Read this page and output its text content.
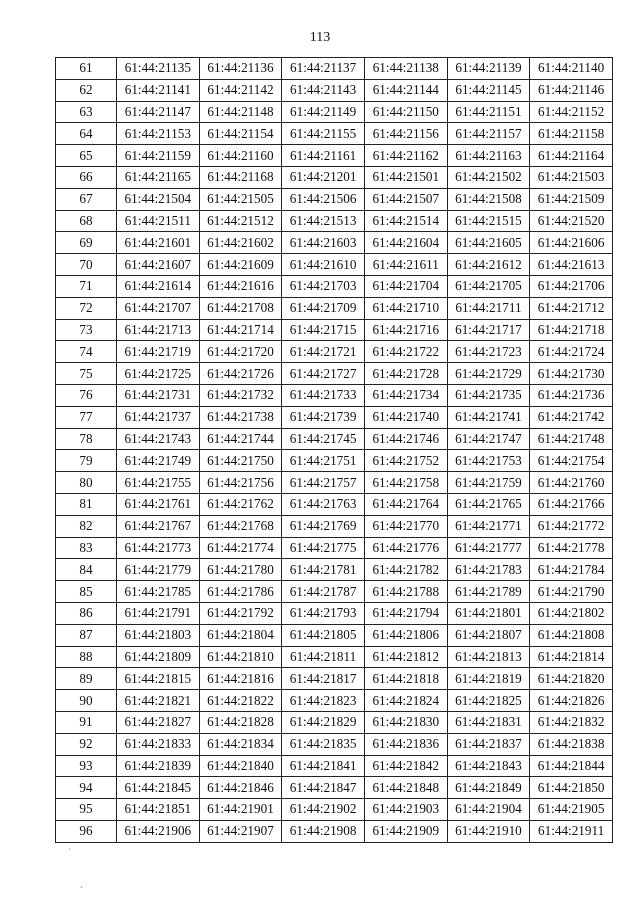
113
61	61:44:21135	61:44:21136	61:44:21137	61:44:21138	61:44:21139	61:44:21140
62	61:44:21141	61:44:21142	61:44:21143	61:44:21144	61:44:21145	61:44:21146
63	61:44:21147	61:44:21148	61:44:21149	61:44:21150	61:44:21151	61:44:21152
64	61:44:21153	61:44:21154	61:44:21155	61:44:21156	61:44:21157	61:44:21158
65	61:44:21159	61:44:21160	61:44:21161	61:44:21162	61:44:21163	61:44:21164
66	61:44:21165	61:44:21168	61:44:21201	61:44:21501	61:44:21502	61:44:21503
67	61:44:21504	61:44:21505	61:44:21506	61:44:21507	61:44:21508	61:44:21509
68	61:44:21511	61:44:21512	61:44:21513	61:44:21514	61:44:21515	61:44:21520
69	61:44:21601	61:44:21602	61:44:21603	61:44:21604	61:44:21605	61:44:21606
70	61:44:21607	61:44:21609	61:44:21610	61:44:21611	61:44:21612	61:44:21613
71	61:44:21614	61:44:21616	61:44:21703	61:44:21704	61:44:21705	61:44:21706
72	61:44:21707	61:44:21708	61:44:21709	61:44:21710	61:44:21711	61:44:21712
73	61:44:21713	61:44:21714	61:44:21715	61:44:21716	61:44:21717	61:44:21718
74	61:44:21719	61:44:21720	61:44:21721	61:44:21722	61:44:21723	61:44:21724
75	61:44:21725	61:44:21726	61:44:21727	61:44:21728	61:44:21729	61:44:21730
76	61:44:21731	61:44:21732	61:44:21733	61:44:21734	61:44:21735	61:44:21736
77	61:44:21737	61:44:21738	61:44:21739	61:44:21740	61:44:21741	61:44:21742
78	61:44:21743	61:44:21744	61:44:21745	61:44:21746	61:44:21747	61:44:21748
79	61:44:21749	61:44:21750	61:44:21751	61:44:21752	61:44:21753	61:44:21754
80	61:44:21755	61:44:21756	61:44:21757	61:44:21758	61:44:21759	61:44:21760
81	61:44:21761	61:44:21762	61:44:21763	61:44:21764	61:44:21765	61:44:21766
82	61:44:21767	61:44:21768	61:44:21769	61:44:21770	61:44:21771	61:44:21772
83	61:44:21773	61:44:21774	61:44:21775	61:44:21776	61:44:21777	61:44:21778
84	61:44:21779	61:44:21780	61:44:21781	61:44:21782	61:44:21783	61:44:21784
85	61:44:21785	61:44:21786	61:44:21787	61:44:21788	61:44:21789	61:44:21790
86	61:44:21791	61:44:21792	61:44:21793	61:44:21794	61:44:21801	61:44:21802
87	61:44:21803	61:44:21804	61:44:21805	61:44:21806	61:44:21807	61:44:21808
88	61:44:21809	61:44:21810	61:44:21811	61:44:21812	61:44:21813	61:44:21814
89	61:44:21815	61:44:21816	61:44:21817	61:44:21818	61:44:21819	61:44:21820
90	61:44:21821	61:44:21822	61:44:21823	61:44:21824	61:44:21825	61:44:21826
91	61:44:21827	61:44:21828	61:44:21829	61:44:21830	61:44:21831	61:44:21832
92	61:44:21833	61:44:21834	61:44:21835	61:44:21836	61:44:21837	61:44:21838
93	61:44:21839	61:44:21840	61:44:21841	61:44:21842	61:44:21843	61:44:21844
94	61:44:21845	61:44:21846	61:44:21847	61:44:21848	61:44:21849	61:44:21850
95	61:44:21851	61:44:21901	61:44:21902	61:44:21903	61:44:21904	61:44:21905
96	61:44:21906	61:44:21907	61:44:21908	61:44:21909	61:44:21910	61:44:21911
·
ˎ
